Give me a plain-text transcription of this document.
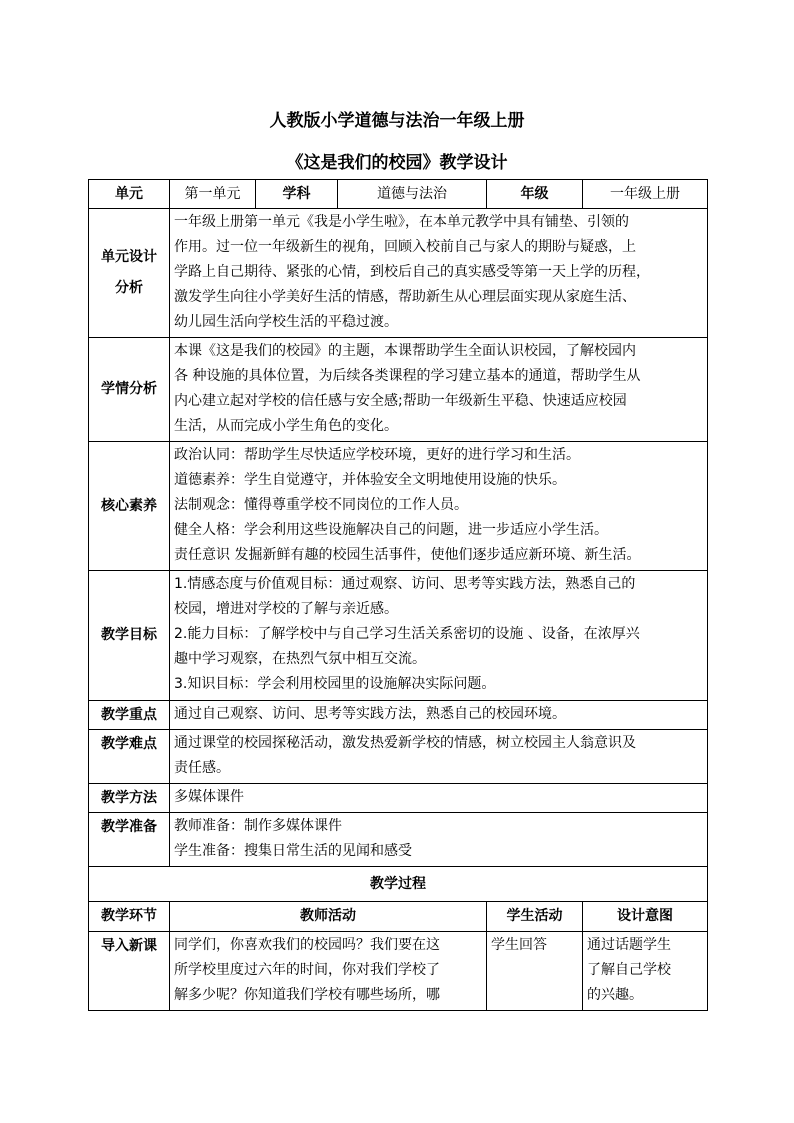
人教版小学道德与法治一年级上册
《这是我们的校园》教学设计
单元	第一单元	学科	道德与法治	年级	一年级上册

单元设计
分析	一年级上册第一单元《我是小学生啦》，在本单元教学中具有铺垫、引领的
作用。过一位一年级新生的视角，回顾入校前自己与家人的期盼与疑惑，上
学路上自己期待、紧张的心情，到校后自己的真实感受等第一天上学的历程，
激发学生向往小学美好生活的情感，帮助新生从心理层面实现从家庭生活、
幼儿园生活向学校生活的平稳过渡。				

学情分析	本课《这是我们的校园》的主题，本课帮助学生全面认识校园，了解校园内
各 种设施的具体位置，为后续各类课程的学习建立基本的通道，帮助学生从
内心建立起对学校的信任感与安全感;帮助一年级新生平稳、快速适应校园
生活，从而完成小学生角色的变化。				

核心素养	政治认同：帮助学生尽快适应学校环境，更好的进行学习和生活。
道德素养：学生自觉遵守，并体验安全文明地使用设施的快乐。
法制观念：懂得尊重学校不同岗位的工作人员。
健全人格：学会利用这些设施解决自己的问题，进一步适应小学生活。
责任意识 发掘新鲜有趣的校园生活事件，使他们逐步适应新环境、新生活。				

教学目标	1.情感态度与价值观目标：通过观察、访问、思考等实践方法，熟悉自己的
校园，增进对学校的了解与亲近感。
2.能力目标：了解学校中与自己学习生活关系密切的设施 、设备，在浓厚兴
趣中学习观察，在热烈气氛中相互交流。
3.知识目标：学会利用校园里的设施解决实际问题。				

教学重点	通过自己观察、访问、思考等实践方法，熟悉自己的校园环境。				

教学难点	通过课堂的校园探秘活动，激发热爱新学校的情感，树立校园主人翁意识及
责任感。				

教学方法	多媒体课件				

教学准备	教师准备：制作多媒体课件
学生准备：搜集日常生活的见闻和感受				

教学过程					
教学环节	教师活动			学生活动	设计意图
导入新课	同学们，你喜欢我们的校园吗？我们要在这
所学校里度过六年的时间，你对我们学校了
解多少呢？你知道我们学校有哪些场所，哪			学生回答	通过话题学生
了解自己学校
的兴趣。
